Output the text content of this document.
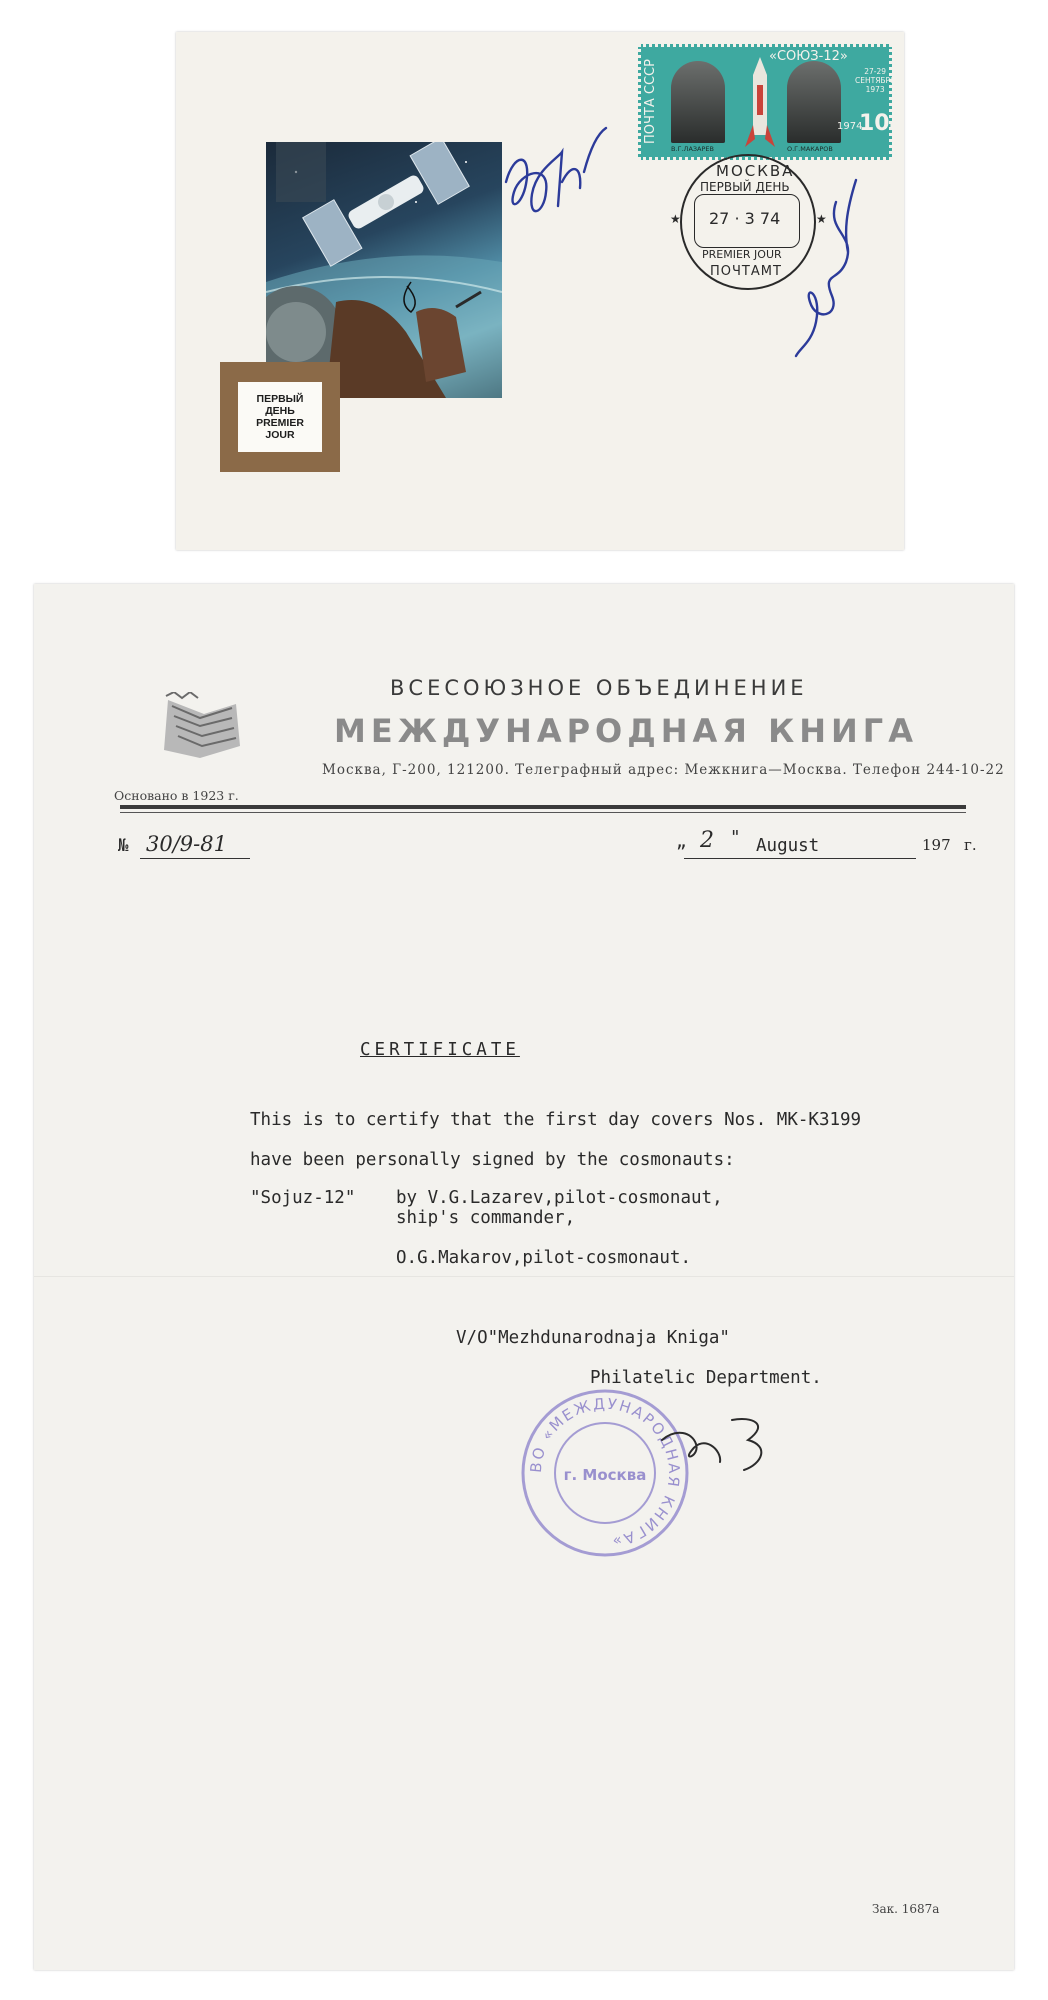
ПЕРВЫЙ
ДЕНЬ
PREMIER
JOUR
ПОЧТА СССР
«СОЮЗ-12»
27-29
СЕНТЯБРЯ
1973
1974
10К
В.Г.ЛАЗАРЕВ	О.Г.МАКАРОВ
МОСКВА
ПЕРВЫЙ ДЕНЬ
27 · 3 74
PREMIER JOUR
ПОЧТАМТ
★	★
ВСЕСОЮЗНОЕ ОБЪЕДИНЕНИЕ
МЕЖДУНАРОДНАЯ КНИГА
Москва, Г-200, 121200. Телеграфный адрес: Межкнига—Москва. Телефон 244-10-22
Основано в 1923 г.
№ 30/9-81	„ 2 " August	197 г.
CERTIFICATE
This is to certify that the first day covers Nos. MK-K3199
have been personally signed by the cosmonauts:
"Sojuz-12" by V.G.Lazarev,pilot-cosmonaut,
ship's commander,
O.G.Makarov,pilot-cosmonaut.
V/O"Mezhdunarodnaja Kniga"
Philatelic Department.
ВО «МЕЖДУНАРОДНАЯ КНИГА»
г. Москва
Зак. 1687а
